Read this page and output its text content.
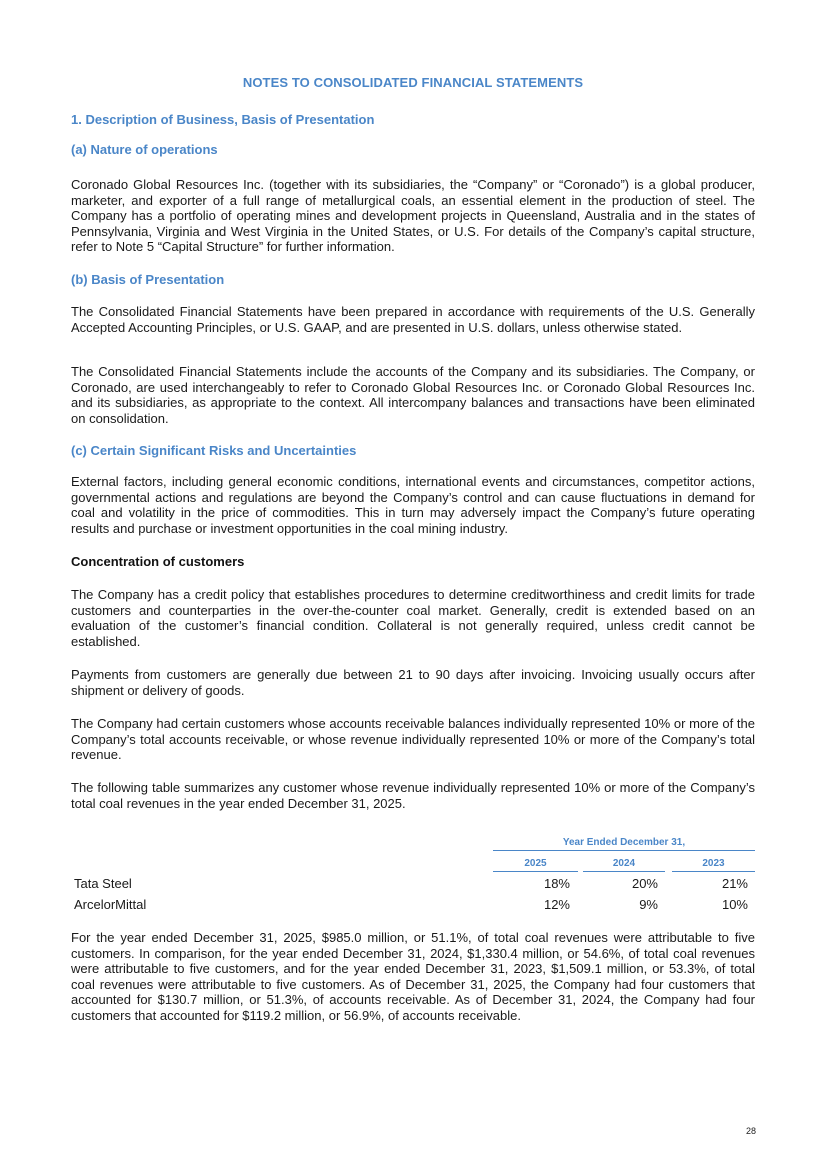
NOTES TO CONSOLIDATED FINANCIAL STATEMENTS
1. Description of Business, Basis of Presentation
(a) Nature of operations
Coronado Global Resources Inc. (together with its subsidiaries, the “Company” or “Coronado”) is a global producer, marketer, and exporter of a full range of metallurgical coals, an essential element in the production of steel. The Company has a portfolio of operating mines and development projects in Queensland, Australia and in the states of Pennsylvania, Virginia and West Virginia in the United States, or U.S. For details of the Company’s capital structure, refer to Note 5 “Capital Structure” for further information.
(b) Basis of Presentation
The Consolidated Financial Statements have been prepared in accordance with requirements of the U.S. Generally Accepted Accounting Principles, or U.S. GAAP, and are presented in U.S. dollars, unless otherwise stated.
The Consolidated Financial Statements include the accounts of the Company and its subsidiaries. The Company, or Coronado, are used interchangeably to refer to Coronado Global Resources Inc. or Coronado Global Resources Inc. and its subsidiaries, as appropriate to the context. All intercompany balances and transactions have been eliminated on consolidation.
(c) Certain Significant Risks and Uncertainties
External factors, including general economic conditions, international events and circumstances, competitor actions, governmental actions and regulations are beyond the Company’s control and can cause fluctuations in demand for coal and volatility in the price of commodities. This in turn may adversely impact the Company’s future operating results and purchase or investment opportunities in the coal mining industry.
Concentration of customers
The Company has a credit policy that establishes procedures to determine creditworthiness and credit limits for trade customers and counterparties in the over-the-counter coal market. Generally, credit is extended based on an evaluation of the customer’s financial condition. Collateral is not generally required, unless credit cannot be established.
Payments from customers are generally due between 21 to 90 days after invoicing. Invoicing usually occurs after shipment or delivery of goods.
The Company had certain customers whose accounts receivable balances individually represented 10% or more of the Company’s total accounts receivable, or whose revenue individually represented 10% or more of the Company’s total revenue.
The following table summarizes any customer whose revenue individually represented 10% or more of the Company’s total coal revenues in the year ended December 31, 2025.
Year Ended December 31,
2025	2024	2023
Tata Steel	18%	20%	21%
ArcelorMittal	12%	9%	10%
For the year ended December 31, 2025, $985.0 million, or 51.1%, of total coal revenues were attributable to five customers. In comparison, for the year ended December 31, 2024, $1,330.4 million, or 54.6%, of total coal revenues were attributable to five customers, and for the year ended December 31, 2023, $1,509.1 million, or 53.3%, of total coal revenues were attributable to five customers. As of December 31, 2025, the Company had four customers that accounted for $130.7 million, or 51.3%, of accounts receivable. As of December 31, 2024, the Company had four customers that accounted for $119.2 million, or 56.9%, of accounts receivable.
28
